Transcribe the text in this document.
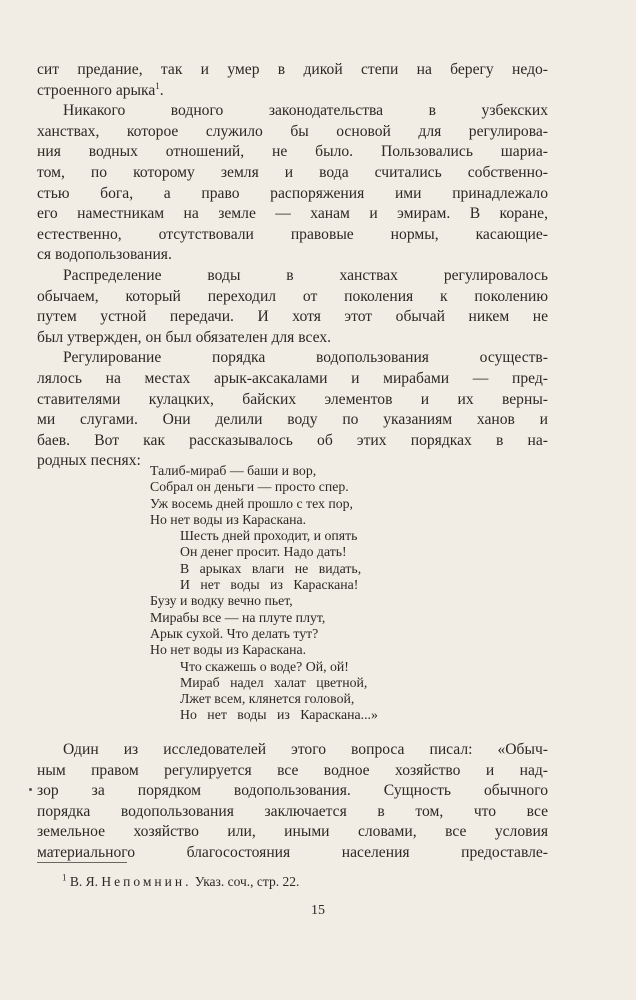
сит предание, так и умер в дикой степи на берегу недо-
строенного арыка$^1$.
Никакого водного законодательства в узбекских
ханствах, которое служило бы основой для регулирова-
ния водных отношений, не было. Пользовались шариа-
том, по которому земля и вода считались собственно-
стью бога, а право распоряжения ими принадлежало
его наместникам на земле — ханам и эмирам. В коране,
естественно, отсутствовали правовые нормы, касающие-
ся водопользования.
Распределение воды в ханствах регулировалось
обычаем, который переходил от поколения к поколению
путем устной передачи. И хотя этот обычай никем не
был утвержден, он был обязателен для всех.
Регулирование порядка водопользования осуществ-
лялось на местах арык-аксакалами и мирабами — пред-
ставителями кулацких, байских элементов и их верны-
ми слугами. Они делили воду по указаниям ханов и
баев. Вот как рассказывалось об этих порядках в на-
родных песнях:
Талиб-мираб — баши и вор,
Собрал он деньги — просто спер.
Уж восемь дней прошло с тех пор,
Но нет воды из Караскана.
Шесть дней проходит, и опять
Он денег просит. Надо дать!
В арыках влаги не видать,
И нет воды из Караскана!
Бузу и водку вечно пьет,
Мирабы все — на плуте плут,
Арык сухой. Что делать тут?
Но нет воды из Караскана.
Что скажешь о воде? Ой, ой!
Мираб надел халат цветной,
Лжет всем, клянется головой,
Но нет воды из Караскана...»
Один из исследователей этого вопроса писал: «Обыч-
ным правом регулируется все водное хозяйство и над-
зор за порядком водопользования. Сущность обычного
порядка водопользования заключается в том, что все
земельное хозяйство или, иными словами, все условия
материального благосостояния населения предоставле-
$^1$ В. Я. Непомнин. Указ. соч., стр. 22.
15
